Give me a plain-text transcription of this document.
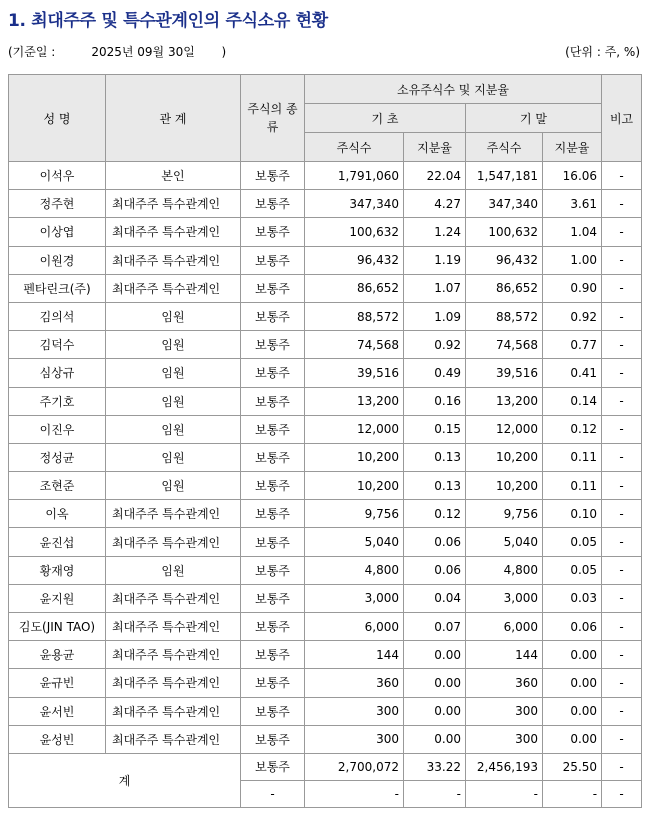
1. 최대주주 및 특수관계인의 주식소유 현황
(기준일 :	2025년 09월 30일 )	(단위 : 주, %)
성 명	관 계	주식의 종류	소유주식수 및 지분율				비고
			기 초		기 말		
			주식수	지분율	주식수	지분율	
이석우	본인	보통주	1,791,060	22.04	1,547,181	16.06	-
정주현	최대주주 특수관계인	보통주	347,340	4.27	347,340	3.61	-
이상엽	최대주주 특수관계인	보통주	100,632	1.24	100,632	1.04	-
이원경	최대주주 특수관계인	보통주	96,432	1.19	96,432	1.00	-
펜타린크(주)	최대주주 특수관계인	보통주	86,652	1.07	86,652	0.90	-
김의석	임원	보통주	88,572	1.09	88,572	0.92	-
김덕수	임원	보통주	74,568	0.92	74,568	0.77	-
심상규	임원	보통주	39,516	0.49	39,516	0.41	-
주기호	임원	보통주	13,200	0.16	13,200	0.14	-
이진우	임원	보통주	12,000	0.15	12,000	0.12	-
정성균	임원	보통주	10,200	0.13	10,200	0.11	-
조현준	임원	보통주	10,200	0.13	10,200	0.11	-
이옥	최대주주 특수관계인	보통주	9,756	0.12	9,756	0.10	-
윤진섭	최대주주 특수관계인	보통주	5,040	0.06	5,040	0.05	-
황재영	임원	보통주	4,800	0.06	4,800	0.05	-
윤지원	최대주주 특수관계인	보통주	3,000	0.04	3,000	0.03	-
김도(JIN TAO)	최대주주 특수관계인	보통주	6,000	0.07	6,000	0.06	-
윤용균	최대주주 특수관계인	보통주	144	0.00	144	0.00	-
윤규빈	최대주주 특수관계인	보통주	360	0.00	360	0.00	-
윤서빈	최대주주 특수관계인	보통주	300	0.00	300	0.00	-
윤성빈	최대주주 특수관계인	보통주	300	0.00	300	0.00	-
계		보통주	2,700,072	33.22	2,456,193	25.50	-
		-	-	-	-	-	-
